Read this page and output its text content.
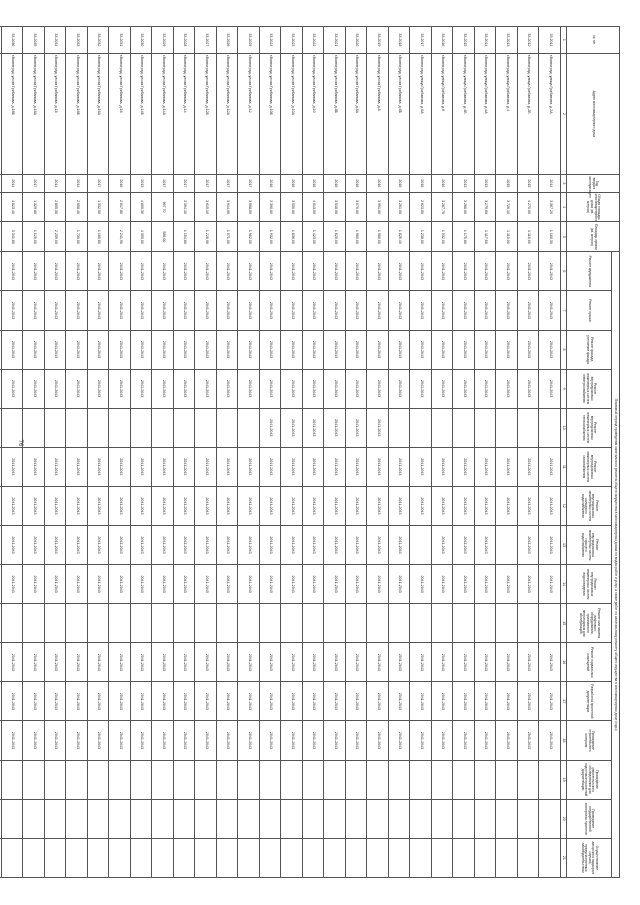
76
№ п/п	Адрес многоквартирного дома	Год ввода в эксплуатацию	Общая площадь многоквартирного дома (кв. метров)	Площадь кровли (кв. метров)	Плановый период проведения капитального ремонта общего имущества в многоквартирных домах по видам работ и услуг, а также работ по капитальному ремонту общего имущества в многоквартирном доме (годы)															
					Ремонт фундамента	Ремонт крыши	Ремонт фасада, утепление фасада	Ремонт внутридомовых инженерных систем электроснабжения	Ремонт внутридомовых инженерных систем теплоснабжения	Ремонт внутридомовых инженерных систем газоснабжения	Ремонт внутридомовых инженерных систем холодного водоснабжения	Ремонт внутридомовых инженерных систем горячего водоснабжения	Ремонт внутридомовых инженерных систем водоотведения	Ремонт или замена лифтового оборудования, признанного непригодным для эксплуатации	Ремонт подвальных помещений	Разработка проектной документации	Проведение строительного контроля	Проведение энергетического обследования для подготовки проектной документации	Проведение государственной экспертизы проектов	Осуществление авторского надзора в случаях, предусмотренных законодательством
1	2	3	4	5	6	7	8	9	10	11	12	13	14	15	16	17	18	19	20	21
33.2011	г.Волгоград, улица Грибанова, д.2А	2014	3 367,20	1 160,30	2041-2043	2041-2043	2041-2043	2041-2043		2041-2043	2041-2043	2041-2043	2041-2043		2041-2043	2041-2043	2041-2043			
33.2012	г.Волгоград, улица Грибанова, д.2Б	2015	4 270,00	1 116,00	2041-2043	2041-2043	2041-2043	2041-2043		2041-2043	2041-2043	2041-2043	2041-2043		2041-2043	2041-2043	2041-2043			
33.2013	г.Волгоград, улица Грибанова, д.4	2015	3 726,10	1 110,00	2041-2043	2041-2043	2041-2043	2041-2043		2041-2043	2041-2043		2041-2043		2041-2043	2041-2043	2041-2043			
33.2014	г.Волгоград, улица Грибанова, д.4А	2013	3 275,60	1 117,60	2041-2043	2041-2043	2041-2043	2041-2043		2041-2043	2041-2043	2041-2043	2041-2043		2041-2043	2041-2043	2041-2043			
33.2015	г.Волгоград, улица Грибанова, д.4Б	2013	3 268,00	1 175,80	2041-2043	2041-2043	2041-2043	2041-2043		2041-2043	2041-2043	2041-2043	2041-2043		2041-2043	2041-2043	2041-2043			
33.2016	г.Волгоград, улица Грибанова, д.6	2016	3 267,70	1 032,00	2041-2043	2041-2043	2041-2043	2041-2043		2041-2043	2041-2043	2041-2043	2041-2043		2041-2043	2041-2043	2041-2043			
33.2017	г.Волгоград, улица Грибанова, д.6А	2016	2 623,80	1 238,00	2041-2043	2041-2043	2041-2043	2041-2043		2041-2043	2041-2043		2041-2043		2041-2043	2041-2043	2041-2043			
33.2018	г.Волгоград, ул.им.Грибанова, д.6Б	2016	3 261,00	1 826,40	2041-2043	2041-2043	2041-2043	2041-2043		2041-2043	2041-2043	2041-2043	2041-2043		2041-2043	2041-2043	2041-2043			
33.2019	г.Волгоград, ул.им.Грибанова, д.8	2016	3 991,00	1 980,00	2041-2043	2041-2043	2041-2043	2041-2043	2041-2043	2041-2043	2041-2043	2041-2043	2041-2043		2041-2043	2041-2043	2041-2043			
33.2020	г.Волгоград, ул.им.Грибанова, д.8А	2016	3 070,00	1 960,00	2041-2043	2041-2043	2041-2043	2041-2043	2041-2043	2041-2043	2041-2043	2041-2043	2041-2043		2041-2043	2041-2043	2041-2043			
33.2021	г.Волгоград, ул.им.Грибанова, д.8Б	2016	3 518,00	1 620,00	2041-2043	2041-2043	2041-2043	2041-2043	2041-2043	2041-2043	2041-2043	2041-2043	2041-2043		2041-2043	2041-2043	2041-2043			
33.2022	г.Волгоград, ул.им.Грибанова, д.10	2016	4 013,00	1 423,00	2041-2043	2041-2043	2041-2043	2041-2043	2041-2043	2041-2043	2041-2043	2041-2043	2041-2043		2041-2043	2041-2043	2041-2043			
33.2023	г.Волгоград, ул.им.Грибанова, д.10А	2016	3 530,00	1 836,00	2041-2043	2041-2043	2041-2043	2041-2043	2041-2043	2041-2043	2041-2043	2041-2043	2041-2043		2041-2043	2041-2043	2041-2043			
33.2024	г.Волгоград, ул.им.Грибанова, д.10Б	2016	3 390,00	1 932,00	2041-2043	2041-2043	2041-2043	2041-2043	2041-2043	2041-2043	2041-2043	2041-2043	2041-2043		2041-2043	2041-2043	2041-2043			
33.2025	г.Волгоград, ул.им.Грибанова, д.12	2017	3 568,00	1 962,00	2041-2043	2041-2043	2041-2043	2041-2043		2041-2043	2041-2043	2041-2043	2041-2043		2041-2043	2041-2043	2041-2043			
33.2026	г.Волгоград, ул.им.Грибанова, д.12А	2017	3 914,00	1 571,00	2041-2043	2041-2043	2041-2043	2041-2043		2041-2043	2041-2043	2041-2043	2041-2043		2041-2043	2041-2043	2041-2043			
33.2027	г.Волгоград, ул.им.Грибанова, д.12Б	2017	3 615,10	1 228,90	2041-2043	2041-2043	2041-2043	2041-2043		2041-2043	2041-2043	2041-2043	2041-2043		2041-2043	2041-2043	2041-2043			
33.2028	г.Волгоград, ул.им.Грибанова, д.14	2017	3 394,10	1 154,80	2041-2043	2041-2043	2041-2043	2041-2043		2041-2043	2041-2043	2041-2043	2041-2043		2041-2043	2041-2043	2041-2043			
33.2029	г.Волгоград, ул.им.Грибанова, д.14А	2017	997,70	586,00	2041-2043	2041-2043	2041-2043	2041-2043		2041-2043	2041-2043	2041-2043	2041-2043		2041-2043	2041-2043	2041-2043			
33.2030	г.Волгоград, ул.им.Грибанова, д.14Б	2013	4 800,30	4 355,00	2041-2043	2041-2043	2041-2043	2041-2043		2041-2043	2041-2043	2041-2043	2041-2043		2041-2043	2041-2043	2041-2043			
33.2031	г.Волгоград, ул.им.Грибанова, д.16	2016	2 617,80	2 241,90	2041-2043	2041-2043	2041-2043	2041-2043		2041-2043	2041-2043	2041-2043	2041-2043		2041-2043	2041-2043	2041-2043			
33.2032	г.Волгоград, ул.им.Грибанова, д.16А	2017	1 332,50	1 180,80	2041-2043	2041-2043	2041-2043	2041-2043		2041-2043	2041-2043	2041-2043	2041-2043		2041-2043	2041-2043	2041-2043			
33.2033	г.Волгоград, ул.им.Грибанова, д.16Б	2014	2 658,40	1 730,00	2041-2043	2041-2043	2041-2043	2041-2043		2041-2043	2041-2043	2041-2043	2041-2043		2041-2043	2041-2043	2041-2043			
33.2034	г.Волгоград, ул.им.Грибанова, д.18	2014	2 805,30	2 259,00	2041-2043	2041-2043	2041-2043	2041-2043		2041-2043	2041-2043	2041-2043	2041-2043		2041-2043	2041-2043	2041-2043			
33.2035	г.Волгоград, ул.им.Грибанова, д.18А	2017	1 329,80	1 120,00	2041-2043	2041-2043	2041-2043	2041-2043		2041-2043	2041-2043	2041-2043	2041-2043		2041-2043	2041-2043	2041-2043			
33.2036	г.Волгоград, ул.им.Грибанова, д.18Б	2014	4 823,40	3 341,80	2041-2043	2041-2043	2041-2043	2041-2043		2041-2043	2041-2043	2041-2043	2041-2043		2041-2043	2041-2043	2041-2043			
